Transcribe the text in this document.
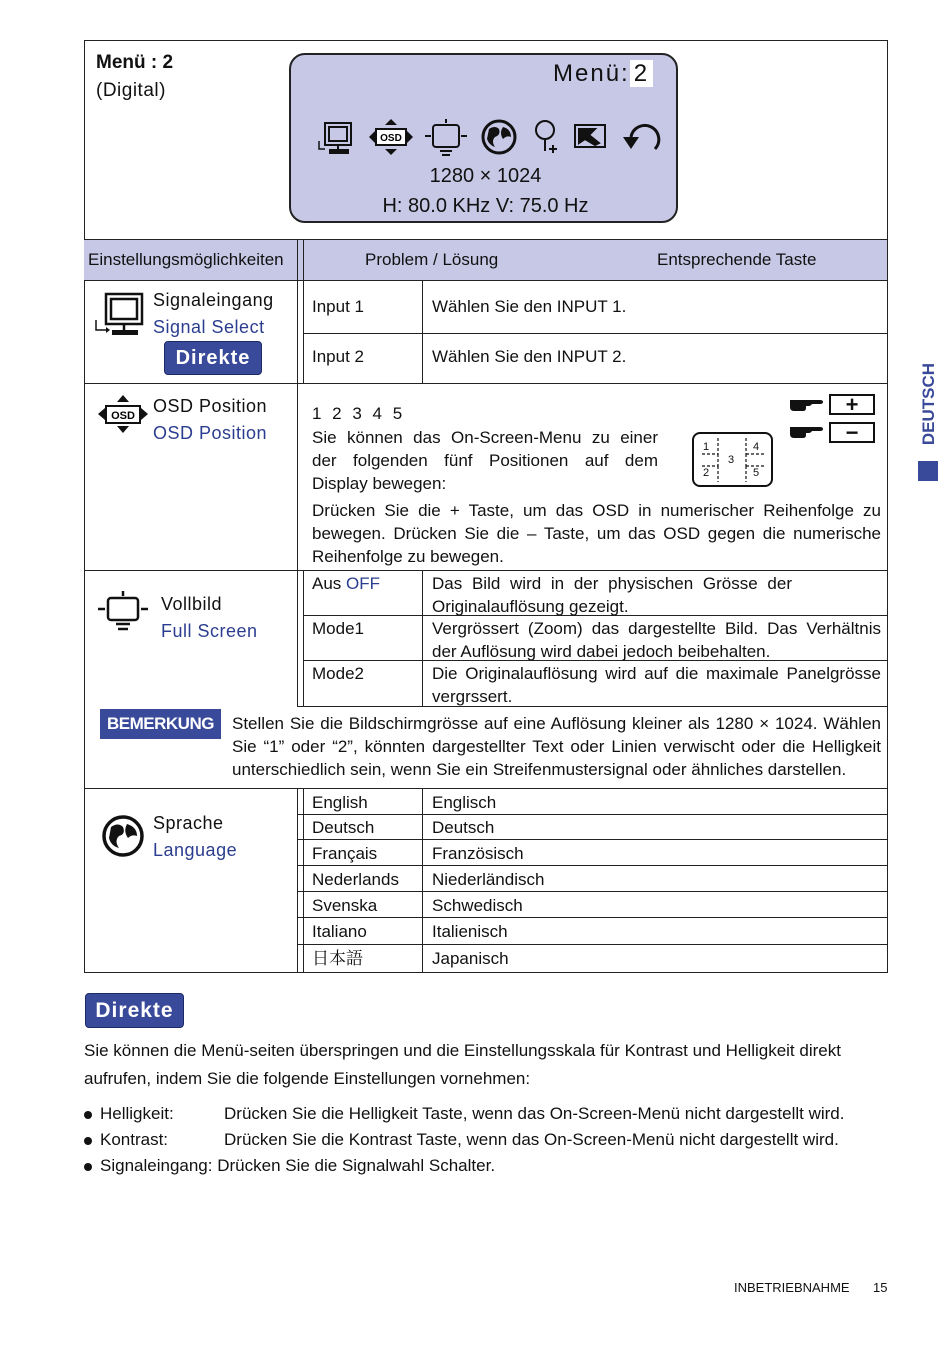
Menü : 2
(Digital)
Menü: 2
OSD
1280 × 1024
H: 80.0 KHz V: 75.0 Hz
Einstellungsmöglichkeiten	Problem / Lösung	Entsprechende Taste
Signaleingang
Signal Select
Direkte
Input 1	Wählen Sie den INPUT 1.
Input 2	Wählen Sie den INPUT 2.
OSD OSD Position
OSD Position
1 2 3 4 5
Sie können das On-Screen-Menu zu einer der folgenden fünf Positionen auf dem Display bewegen:
Drücken Sie die + Taste, um das OSD in numerischer Reihenfolge zu bewegen. Drücken Sie die – Taste, um das OSD gegen die numerische Reihenfolge zu bewegen.
1	4
3
2	5
+
−
Vollbild
Full Screen
Aus OFF	Das Bild wird in der physischen Grösse der Originalauflösung gezeigt.
Mode1	Vergrössert (Zoom) das dargestellte Bild. Das Verhältnis der Auflösung wird dabei jedoch beibehalten.
Mode2	Die Originalauflösung wird auf die maximale Panelgrösse vergrssert.
BEMERKUNG	Stellen Sie die Bildschirmgrösse auf eine Auflösung kleiner als 1280 × 1024. Wählen Sie “1” oder “2”, könnten dargestellter Text oder Linien verwischt oder die Helligkeit unterschiedlich sein, wenn Sie ein Streifenmustersignal oder ähnliches darstellen.
Sprache
Language
English	Englisch
Deutsch	Deutsch
Français	Französisch
Nederlands Niederländisch
Svenska	Schwedisch
Italiano	Italienisch
日本語	Japanisch
Direkte
Sie können die Menü-seiten überspringen und die Einstellungsskala für Kontrast und Helligkeit direkt aufrufen, indem Sie die folgende Einstellungen vornehmen:
Helligkeit:	Drücken Sie die Helligkeit Taste, wenn das On-Screen-Menü nicht dargestellt wird.
Kontrast:	Drücken Sie die Kontrast Taste, wenn das On-Screen-Menü nicht dargestellt wird.
Signaleingang: Drücken Sie die Signalwahl Schalter.
DEUTSCH
INBETRIEBNAHME 15
